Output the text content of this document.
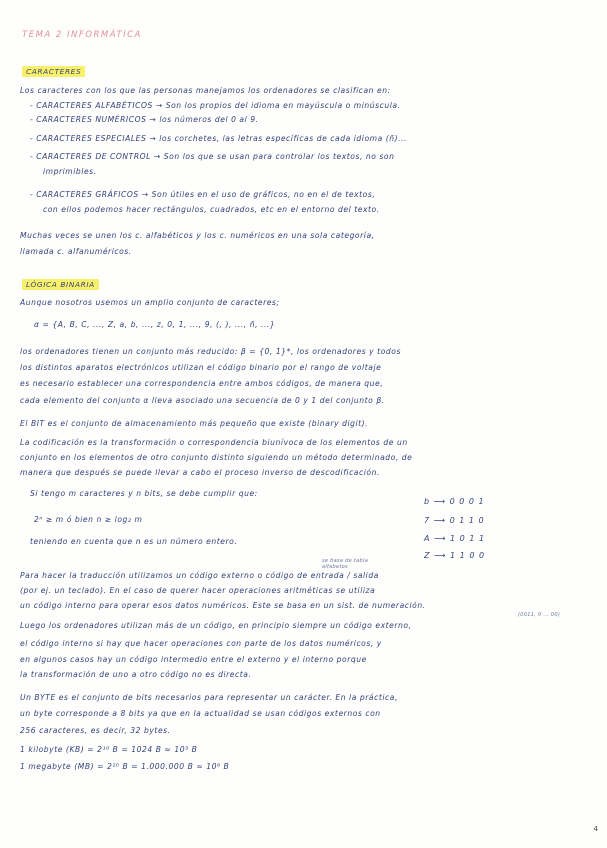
TEMA 2 INFORMÁTICA
CARACTERES
Los caracteres con los que las personas manejamos los ordenadores se clasifican en:
- CARACTERES ALFABÉTICOS → Son los propios del idioma en mayúscula o minúscula.
- CARACTERES NUMÉRICOS → los números del 0 al 9.
- CARACTERES ESPECIALES → los corchetes, las letras específicas de cada idioma (ñ)...
- CARACTERES DE CONTROL → Son los que se usan para controlar los textos, no son
imprimibles.
- CARACTERES GRÁFICOS → Son útiles en el uso de gráficos, no en el de textos,
con ellos podemos hacer rectángulos, cuadrados, etc en el entorno del texto.
Muchas veces se unen los c. alfabéticos y los c. numéricos en una sola categoría,
llamada c. alfanuméricos.
LÓGICA BINARIA
Aunque nosotros usemos un amplio conjunto de caracteres;
α = {A, B, C, ..., Z, a, b, ..., z, 0, 1, ..., 9, (, ), ..., ñ, ...}
los ordenadores tienen un conjunto más reducido: β = {0, 1}*, los ordenadores y todos
los distintos aparatos electrónicos utilizan el código binario por el rango de voltaje
es necesario establecer una correspondencia entre ambos códigos, de manera que,
cada elemento del conjunto α lleva asociado una secuencia de 0 y 1 del conjunto β.
El BIT es el conjunto de almacenamiento más pequeño que existe (binary digit).
La codificación es la transformación o correspondencia biunívoca de los elementos de un
conjunto en los elementos de otro conjunto distinto siguiendo un método determinado, de
manera que después se puede llevar a cabo el proceso inverso de descodificación.
Si tengo m caracteres y n bits, se debe cumplir que:
2ⁿ ≥ m ó bien n ≥ log₂ m
teniendo en cuenta que n es un número entero.
b ⟶ 0 0 0 1
7 ⟶ 0 1 1 0
A ⟶ 1 0 1 1
Z ⟶ 1 1 0 0
se basa de tabla
alfabetos
Para hacer la traducción utilizamos un código externo o código de entrada / salida
(por ej. un teclado). En el caso de querer hacer operaciones aritméticas se utiliza
un código interno para operar esos datos numéricos. Este se basa en un sist. de numeración.
(0011, 0 ... 00)
Luego los ordenadores utilizan más de un código, en principio siempre un código externo,
el código interno si hay que hacer operaciones con parte de los datos numéricos, y
en algunos casos hay un código intermedio entre el externo y el interno porque
la transformación de uno a otro código no es directa.
Un BYTE es el conjunto de bits necesarios para representar un carácter. En la práctica,
un byte corresponde a 8 bits ya que en la actualidad se usan códigos externos con
256 caracteres, es decir, 32 bytes.
1 kilobyte (KB) = 2¹⁰ B = 1024 B ≈ 10³ B
1 megabyte (MB) = 2²⁰ B = 1.000.000 B ≈ 10⁶ B
4
